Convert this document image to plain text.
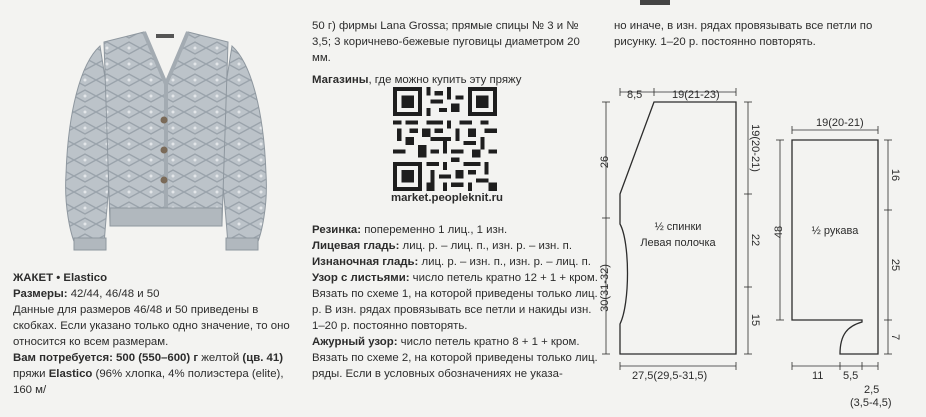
ЖАКЕТ • Elastico

Размеры: 42/44, 46/48 и 50

Данные для размеров 46/48 и 50 приведены в скобках. Если указано только одно значение, то оно относится ко всем размерам.

Вам потребуется: 500 (550–600) г желтой (цв. 41) пряжи Elastico (96% хлопка, 4% полиэстера (elite), 160 м/

50 г) фирмы Lana Grossa; прямые спицы № 3 и № 3,5; 3 коричнево-бежевые пуговицы диаметром 20 мм.

Магазины, где можно купить эту пряжу

market.peopleknit.ru

Резинка: попеременно 1 лиц., 1 изн.

Лицевая гладь: лиц. р. – лиц. п., изн. р. – изн. п.

Изнаночная гладь: лиц. р. – изн. п., изн. р. – лиц. п.

Узор с листьями: число петель кратно 12 + 1 + кром. Вязать по схеме 1, на которой приведены только лиц. р. В изн. рядах провязывать все петли и накиды изн. 1–20 р. постоянно повторять.

Ажурный узор: число петель кратно 8 + 1 + кром. Вязать по схеме 2, на которой приведены только лиц. ряды. Если в условных обозначениях не указа-

но иначе, в изн. рядах провязывать все петли по рисунку. 1–20 р. постоянно повторять.

8,5	19(21-23)
26
30(31-32)
19(20-21)
22
15
½ спинки
Левая полочка
27,5(29,5-31,5)
19(20-21)
48
16
25
7
½ рукава
11 5,5
2,5
(3,5-4,5)
